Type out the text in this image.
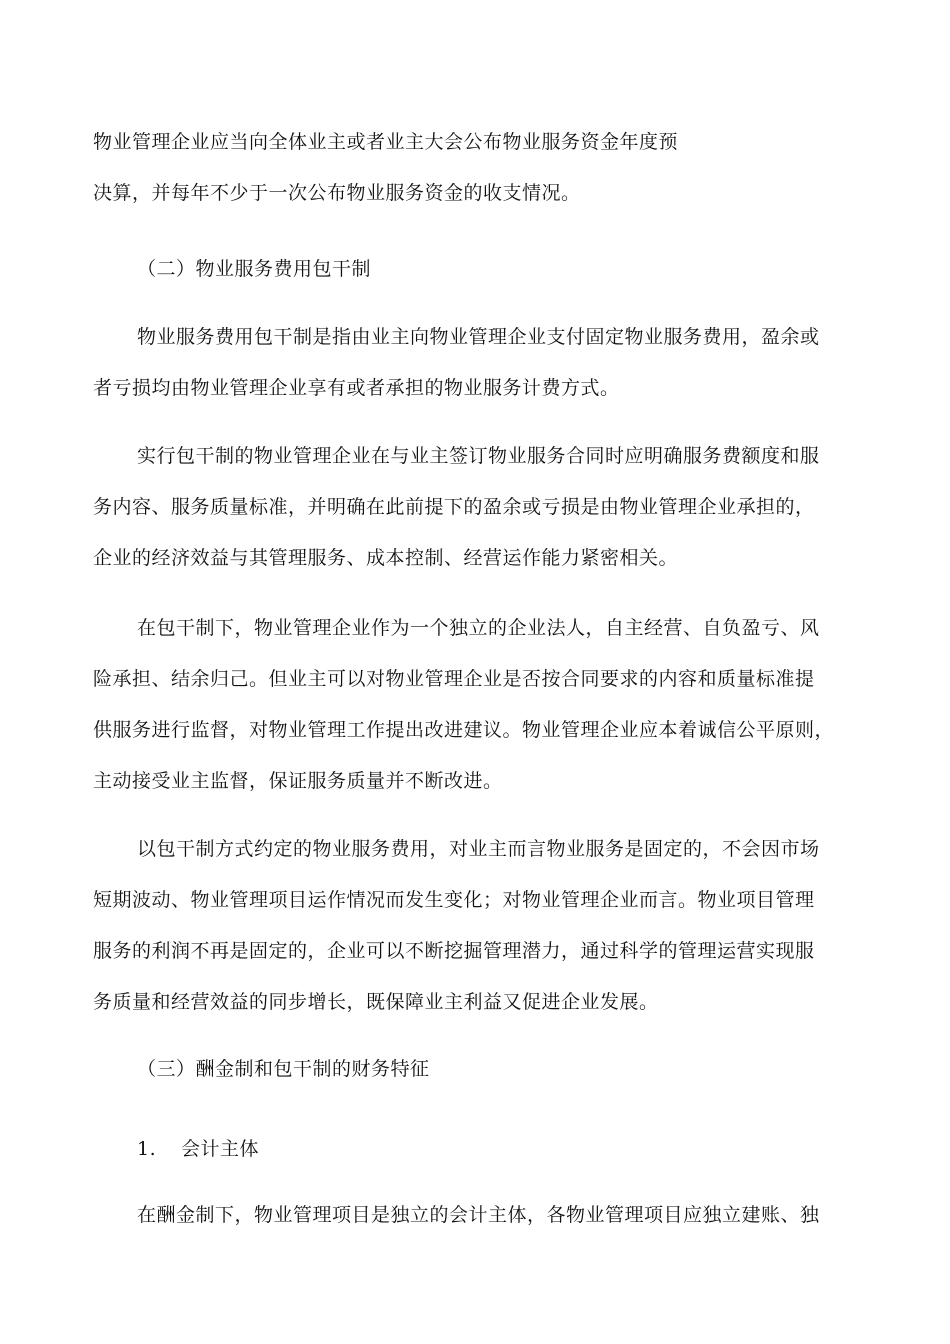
物业管理企业应当向全体业主或者业主大会公布物业服务资金年度预
决算，并每年不少于一次公布物业服务资金的收支情况。
（二）物业服务费用包干制
物业服务费用包干制是指由业主向物业管理企业支付固定物业服务费用，盈余或
者亏损均由物业管理企业享有或者承担的物业服务计费方式。
实行包干制的物业管理企业在与业主签订物业服务合同时应明确服务费额度和服
务内容、服务质量标准，并明确在此前提下的盈余或亏损是由物业管理企业承担的，
企业的经济效益与其管理服务、成本控制、经营运作能力紧密相关。
在包干制下，物业管理企业作为一个独立的企业法人，自主经营、自负盈亏、风
险承担、结余归己。但业主可以对物业管理企业是否按合同要求的内容和质量标准提
供服务进行监督，对物业管理工作提出改进建议。物业管理企业应本着诚信公平原则，
主动接受业主监督，保证服务质量并不断改进。
以包干制方式约定的物业服务费用，对业主而言物业服务是固定的，不会因市场
短期波动、物业管理项目运作情况而发生变化；对物业管理企业而言。物业项目管理
服务的利润不再是固定的，企业可以不断挖掘管理潜力，通过科学的管理运营实现服
务质量和经营效益的同步增长，既保障业主利益又促进企业发展。
（三）酬金制和包干制的财务特征
1. 会计主体
在酬金制下，物业管理项目是独立的会计主体，各物业管理项目应独立建账、独
